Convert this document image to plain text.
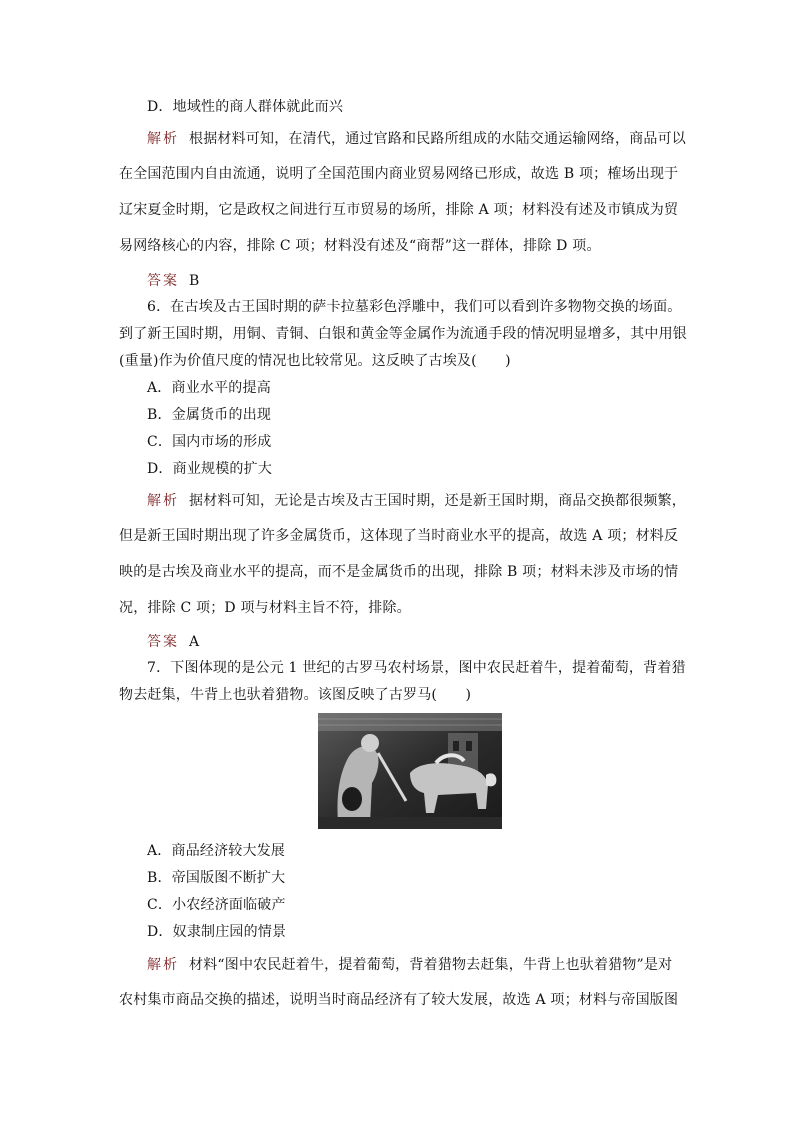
D．地域性的商人群体就此而兴
解析 根据材料可知，在清代，通过官路和民路所组成的水陆交通运输网络，商品可以
在全国范围内自由流通，说明了全国范围内商业贸易网络已形成，故选 B 项；榷场出现于
辽宋夏金时期，它是政权之间进行互市贸易的场所，排除 A 项；材料没有述及市镇成为贸
易网络核心的内容，排除 C 项；材料没有述及“商帮”这一群体，排除 D 项。
答案 B
6．在古埃及古王国时期的萨卡拉墓彩色浮雕中，我们可以看到许多物物交换的场面。
到了新王国时期，用铜、青铜、白银和黄金等金属作为流通手段的情况明显增多，其中用银
(重量)作为价值尺度的情况也比较常见。这反映了古埃及(　　)
A．商业水平的提高
B．金属货币的出现
C．国内市场的形成
D．商业规模的扩大
解析 据材料可知，无论是古埃及古王国时期，还是新王国时期，商品交换都很频繁，
但是新王国时期出现了许多金属货币，这体现了当时商业水平的提高，故选 A 项；材料反
映的是古埃及商业水平的提高，而不是金属货币的出现，排除 B 项；材料未涉及市场的情
况，排除 C 项；D 项与材料主旨不符，排除。
答案 A
7．下图体现的是公元 1 世纪的古罗马农村场景，图中农民赶着牛，提着葡萄，背着猎
物去赶集，牛背上也驮着猎物。该图反映了古罗马(　　)
A．商品经济较大发展
B．帝国版图不断扩大
C．小农经济面临破产
D．奴隶制庄园的情景
解析 材料“图中农民赶着牛，提着葡萄，背着猎物去赶集，牛背上也驮着猎物”是对
农村集市商品交换的描述，说明当时商品经济有了较大发展，故选 A 项；材料与帝国版图
